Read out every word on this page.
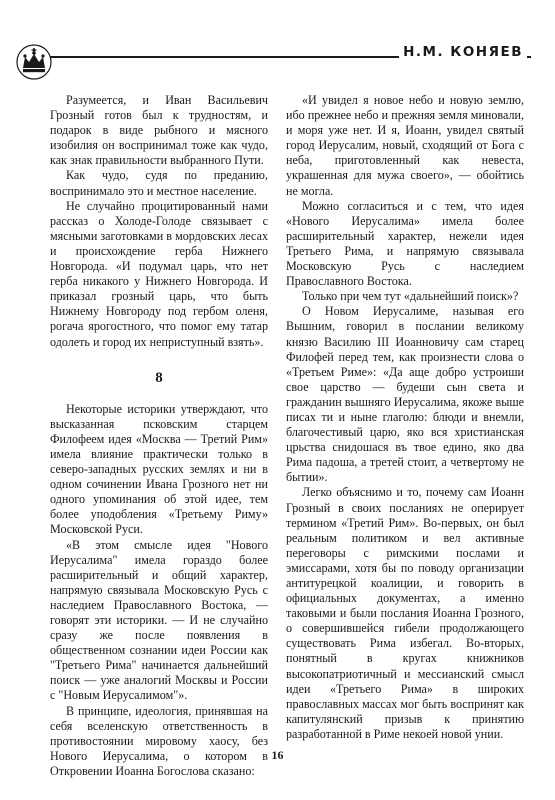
Н.М. КОНЯЕВ

Разумеется, и Иван Васильевич Грозный готов был к трудностям, и подарок в виде рыбного и мясного изобилия он воспринимал тоже как чудо, как знак правильности выбранного Пути.

Как чудо, судя по преданию, воспринимало это и местное население.

Не случайно процитированный нами рассказ о Холоде-Голоде связывает с мясными заготовками в мордовских лесах и происхождение герба Нижнего Новгорода. «И подумал царь, что нет герба никакого у Нижнего Новгорода. И приказал грозный царь, что быть Нижнему Новгороду под гербом оленя, рогача ярогостного, что помог ему татар одолеть и город их неприступный взять».

8

Некоторые историки утверждают, что высказанная псковским старцем Филофеем идея «Москва — Третий Рим» имела влияние практически только в северо-западных русских землях и ни в одном сочинении Ивана Грозного нет ни одного упоминания об этой идее, тем более уподобления «Третьему Риму» Московской Руси.

«В этом смысле идея "Нового Иерусалима" имела гораздо более расширительный и общий характер, напрямую связывала Московскую Русь с наследием Православного Востока, — говорят эти историки. — И не случайно сразу же после появления в общественном сознании идеи России как "Третьего Рима" начинается дальнейший поиск — уже аналогий Москвы и России с "Новым Иерусалимом"».

В принципе, идеология, принявшая на себя вселенскую ответственность в противостоянии мировому хаосу, без Нового Иерусалима, о котором в Откровении Иоанна Богослова сказано:

«И увидел я новое небо и новую землю, ибо прежнее небо и прежняя земля миновали, и моря уже нет. И я, Иоанн, увидел святый город Иерусалим, новый, сходящий от Бога с неба, приготовленный как невеста, украшенная для мужа своего», — обойтись не могла.

Можно согласиться и с тем, что идея «Нового Иерусалима» имела более расширительный характер, нежели идея Третьего Рима, и напрямую связывала Московскую Русь с наследием Православного Востока.

Только при чем тут «дальнейший поиск»?

О Новом Иерусалиме, называя его Вышним, говорил в послании великому князю Василию III Иоанновичу сам старец Филофей перед тем, как произнести слова о «Третьем Риме»: «Да аще добро устроиши свое царство — будеши сын света и гражданин вышняго Иерусалима, якоже выше писах ти и ныне глаголю: блюди и внемли, благочестивый царю, яко вся христианская црьства снидошася въ твое едино, яко два Рима падоша, а третей стоит, а четвертому не бытии».

Легко объяснимо и то, почему сам Иоанн Грозный в своих посланиях не оперирует термином «Третий Рим». Во-первых, он был реальным политиком и вел активные переговоры с римскими послами и эмиссарами, хотя бы по поводу организации антитурецкой коалиции, и говорить в официальных документах, а именно таковыми и были послания Иоанна Грозного, о совершившейся гибели продолжающего существовать Рима избегал. Во-вторых, понятный в кругах книжников высокопатриотичный и мессианский смысл идеи «Третьего Рима» в широких православных массах мог быть воспринят как капитулянский призыв к принятию разработанной в Риме некоей новой унии.

16
